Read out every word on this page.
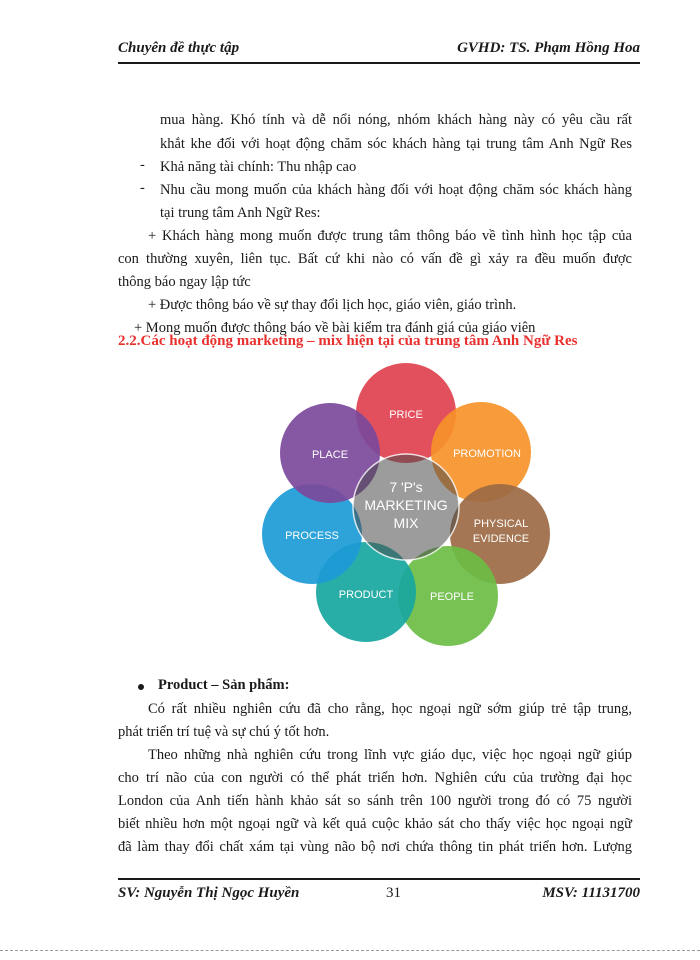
Chuyên đề thực tập	GVHD: TS. Phạm Hồng Hoa
mua hàng. Khó tính và dễ nổi nóng, nhóm khách hàng này có yêu cầu rất
khắt khe đối với hoạt động chăm sóc khách hàng tại trung tâm Anh Ngữ Res
- Khả năng tài chính: Thu nhập cao
- Nhu cầu mong muốn của khách hàng đối với hoạt động chăm sóc khách hàng
tại trung tâm Anh Ngữ Res:
+ Khách hàng mong muốn được trung tâm thông báo về tình hình học tập của
con thường xuyên, liên tục. Bất cứ khi nào có vấn đề gì xảy ra đều muốn được
thông báo ngay lập tức
+ Được thông báo về sự thay đổi lịch học, giáo viên, giáo trình.
+ Mong muốn được thông báo về bài kiểm tra đánh giá của giáo viên
2.2.Các hoạt động marketing – mix hiện tại của trung tâm Anh Ngữ Res
PRICE
PROMOTION
PHYSICAL
EVIDENCE
PEOPLE
PRODUCT
PROCESS
PLACE
7 'P's
MARKETING
MIX
Product – Sản phẩm:
Có rất nhiều nghiên cứu đã cho rằng, học ngoại ngữ sớm giúp trẻ tập trung,
phát triển trí tuệ và sự chú ý tốt hơn.
Theo những nhà nghiên cứu trong lĩnh vực giáo dục, việc học ngoại ngữ giúp
cho trí não của con người có thể phát triển hơn. Nghiên cứu của trường đại học
London của Anh tiến hành khảo sát so sánh trên 100 người trong đó có 75 người
biết nhiều hơn một ngoại ngữ và kết quả cuộc khảo sát cho thấy việc học ngoại ngữ
đã làm thay đổi chất xám tại vùng não bộ nơi chứa thông tin phát triển hơn. Lượng
SV: Nguyễn Thị Ngọc Huyền	31	MSV: 11131700
